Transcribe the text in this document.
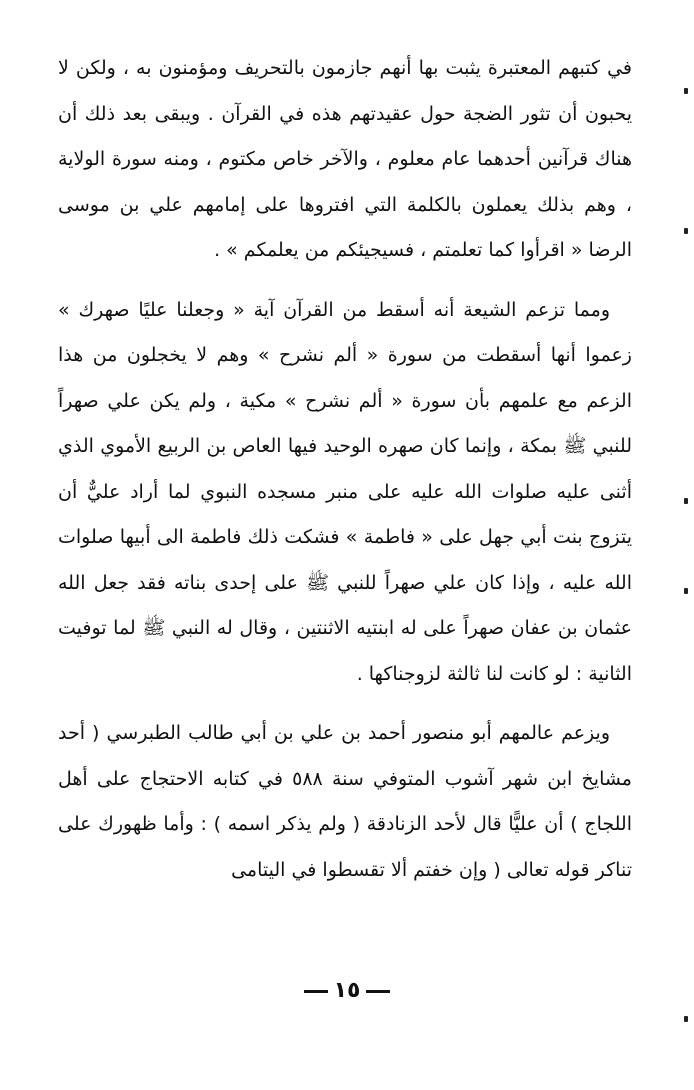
في كتبهم المعتبرة يثبت بها أنهم جازمون بالتحريف ومؤمنون به ، ولكن لا يحبون أن تثور الضجة حول عقيدتهم هذه في القرآن . ويبقى بعد ذلك أن هناك قرآنين أحدهما عام معلوم ، والآخر خاص مكتوم ، ومنه سورة الولاية ، وهم بذلك يعملون بالكلمة التي افتروها على إمامهم علي بن موسى الرضا « اقرأوا كما تعلمتم ، فسيجيئكم من يعلمكم » .

ومما تزعم الشيعة أنه أسقط من القرآن آية « وجعلنا عليًا صهرك » زعموا أنها أسقطت من سورة « ألم نشرح » وهم لا يخجلون من هذا الزعم مع علمهم بأن سورة « ألم نشرح » مكية ، ولم يكن علي صهراً للنبي ﷺ بمكة ، وإنما كان صهره الوحيد فيها العاص بن الربيع الأموي الذي أثنى عليه صلوات الله عليه على منبر مسجده النبوي لما أراد عليٌّ أن يتزوج بنت أبي جهل على « فاطمة » فشكت ذلك فاطمة الى أبيها صلوات الله عليه ، وإذا كان علي صهراً للنبي ﷺ على إحدى بناته فقد جعل الله عثمان بن عفان صهراً على له ابنتيه الاثنتين ، وقال له النبي ﷺ لما توفيت الثانية : لو كانت لنا ثالثة لزوجناكها .

ويزعم عالمهم أبو منصور أحمد بن علي بن أبي طالب الطبرسي ( أحد مشايخ ابن شهر آشوب المتوفي سنة ٥٨٨ في كتابه الاحتجاج على أهل اللجاج ) أن عليًّا قال لأحد الزنادقة ( ولم يذكر اسمه ) : وأما ظهورك على تناكر قوله تعالى ( وإن خفتم ألا تقسطوا في اليتامى

١٥
